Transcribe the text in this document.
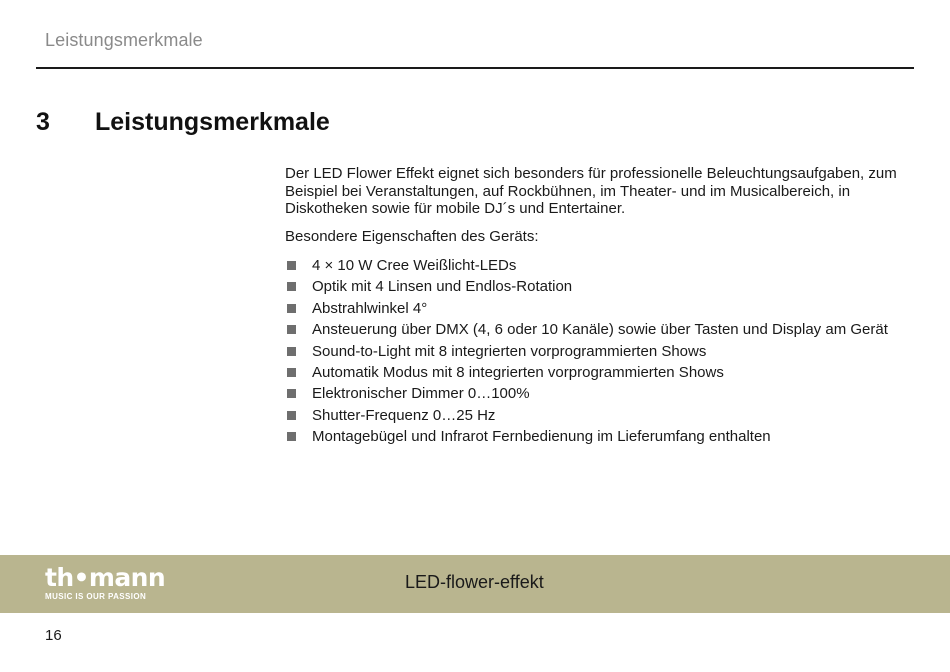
Leistungsmerkmale
3 Leistungsmerkmale

Der LED Flower Effekt eignet sich besonders für professionelle Beleuchtungsaufgaben, zum Beispiel bei Veranstaltungen, auf Rockbühnen, im Theater- und im Musicalbereich, in Diskotheken sowie für mobile DJ´s und Entertainer.

Besondere Eigenschaften des Geräts:

4 × 10 W Cree Weißlicht-LEDs
Optik mit 4 Linsen und Endlos-Rotation
Abstrahlwinkel 4°
Ansteuerung über DMX (4, 6 oder 10 Kanäle) sowie über Tasten und Display am Gerät
Sound-to-Light mit 8 integrierten vorprogrammierten Shows
Automatik Modus mit 8 integrierten vorprogrammierten Shows
Elektronischer Dimmer 0…100%
Shutter-Frequenz 0…25 Hz
Montagebügel und Infrarot Fernbedienung im Lieferumfang enthalten
th•mann
MUSIC IS OUR PASSION
LED-flower-effekt
16
